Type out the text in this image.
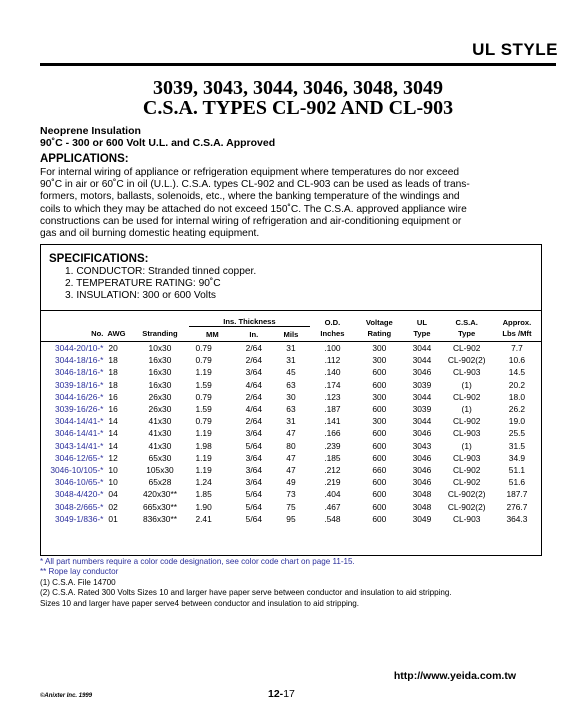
UL STYLE
3039, 3043, 3044, 3046, 3048, 3049
C.S.A. TYPES CL-902 AND CL-903
Neoprene Insulation
90˚C - 300 or 600 Volt U.L. and C.S.A. Approved
APPLICATIONS:
For internal wiring of appliance or refrigeration equipment where temperatures do nor exceed
90˚C in air or 60˚C in oil (U.L.). C.S.A. types CL-902 and CL-903 can be used as leads of trans-
formers, motors, ballasts, solenoids, etc., where the banking temperature of the windings and
coils to which they may be attached do not exceed 150˚C. The C.S.A. approved appliance wire
constructions can be used for internal wiring of refrigeration and air-conditioning equipment or
gas and oil burning domestic heating equipment.
SPECIFICATIONS:
1. CONDUCTOR: Stranded tinned copper.
2. TEMPERATURE RATING: 90˚C
3. INSULATION: 300 or 600 Volts
			Ins. Thickness			O.D.	Voltage	UL	C.S.A.	Approx.
No.	AWG	Stranding	MM	In.	Mils	Inches	Rating	Type	Type	Lbs /Mft
3044-20/10-*	20	10x30	0.79	2/64	31	.100	300	3044	CL-902	7.7
3044-18/16-*	18	16x30	0.79	2/64	31	.112	300	3044	CL-902(2)	10.6
3046-18/16-*	18	16x30	1.19	3/64	45	.140	600	3046	CL-903	14.5
3039-18/16-*	18	16x30	1.59	4/64	63	.174	600	3039	(1)	20.2
3044-16/26-*	16	26x30	0.79	2/64	30	.123	300	3044	CL-902	18.0
3039-16/26-*	16	26x30	1.59	4/64	63	.187	600	3039	(1)	26.2
3044-14/41-*	14	41x30	0.79	2/64	31	.141	300	3044	CL-902	19.0
3046-14/41-*	14	41x30	1.19	3/64	47	.166	600	3046	CL-903	25.5
3043-14/41-*	14	41x30	1.98	5/64	80	.239	600	3043	(1)	31.5
3046-12/65-*	12	65x30	1.19	3/64	47	.185	600	3046	CL-903	34.9
3046-10/105-*	10	105x30	1.19	3/64	47	.212	660	3046	CL-902	51.1
3046-10/65-*	10	65x28	1.24	3/64	49	.219	600	3046	CL-902	51.6
3048-4/420-*	04	420x30**	1.85	5/64	73	.404	600	3048	CL-902(2)	187.7
3048-2/665-*	02	665x30**	1.90	5/64	75	.467	600	3048	CL-902(2)	276.7
3049-1/836-*	01	836x30**	2.41	5/64	95	.548	600	3049	CL-903	364.3
* All part numbers require a color code designation, see color code chart on page 11-15.
** Rope lay conductor
(1) C.S.A. File 14700
(2) C.S.A. Rated 300 Volts Sizes 10 and larger have paper serve between conductor and insulation to aid stripping.
Sizes 10 and larger have paper serve4 between conductor and insulation to aid stripping.
http://www.yeida.com.tw
©Anixter Inc. 1999	12-17
